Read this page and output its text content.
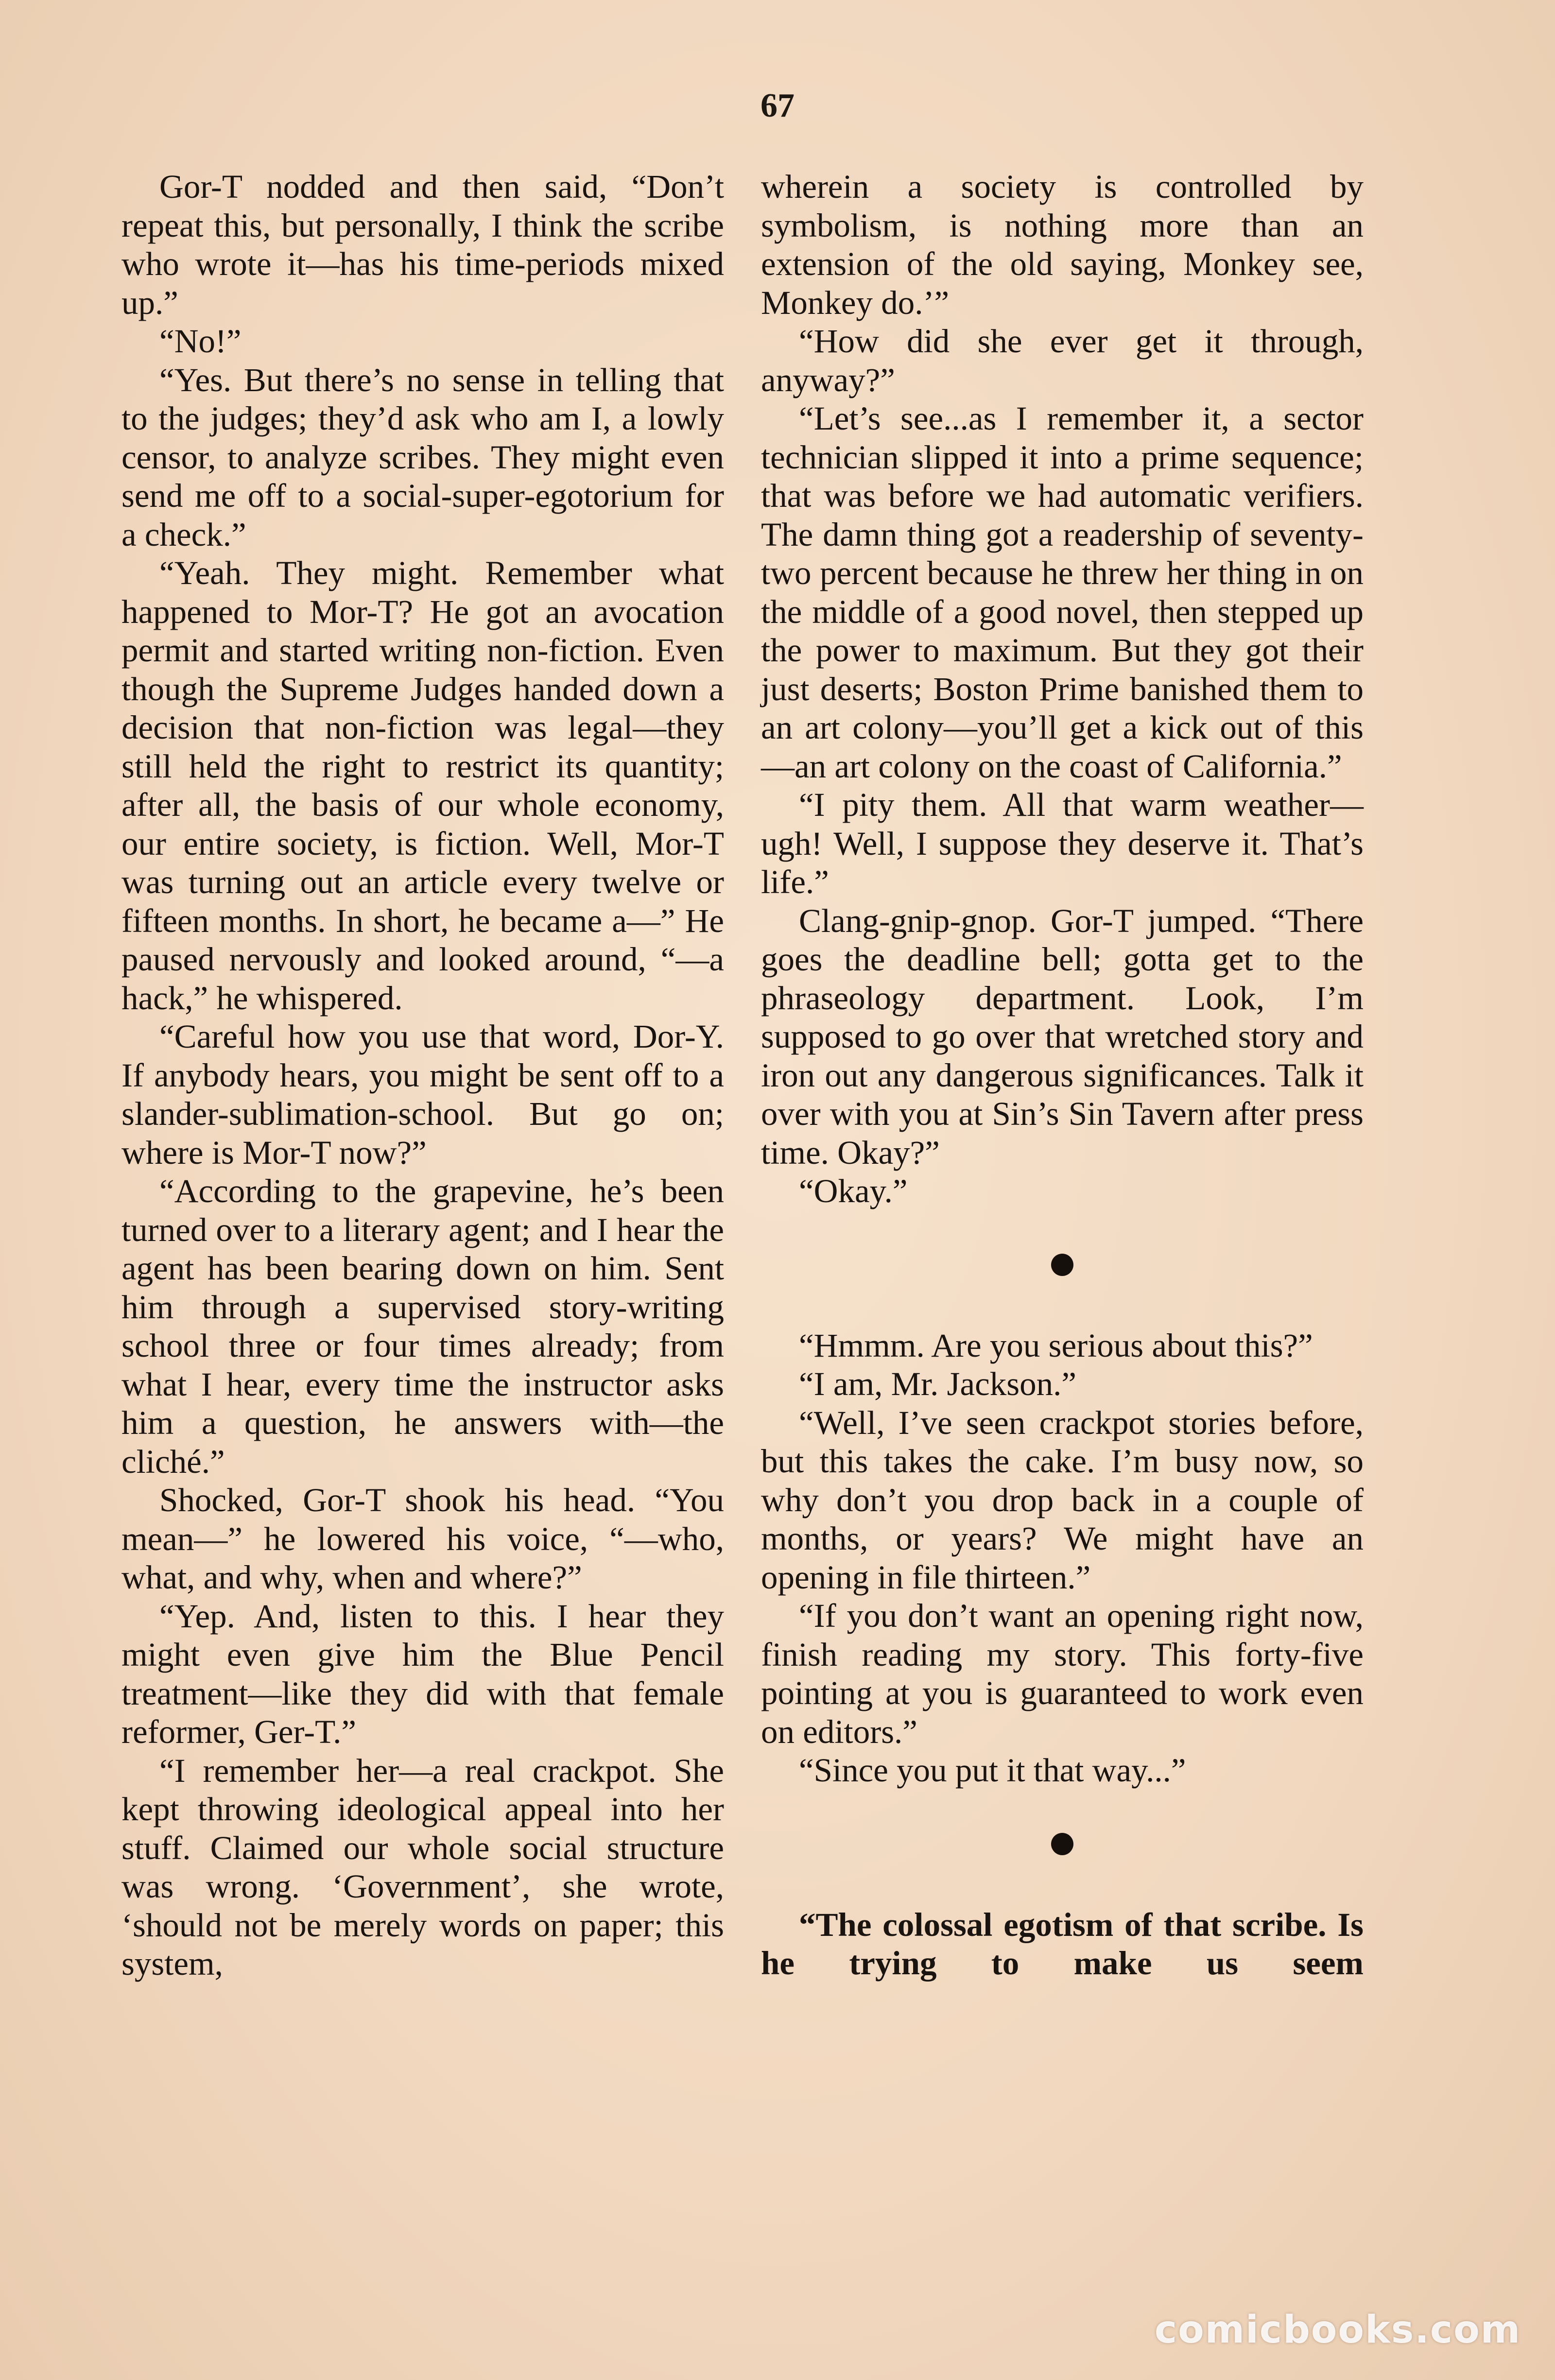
67

Gor-T nodded and then said, “Don’t repeat this, but personally, I think the scribe who wrote it—has his time-periods mixed up.”

“No!”

“Yes. But there’s no sense in telling that to the judges; they’d ask who am I, a lowly censor, to analyze scribes. They might even send me off to a social-super-egotorium for a check.”

“Yeah. They might. Remember what happened to Mor-T? He got an avocation permit and started writing non-fiction. Even though the Supreme Judges handed down a decision that non-fiction was legal—they still held the right to restrict its quantity; after all, the basis of our whole economy, our entire society, is fiction. Well, Mor-T was turning out an article every twelve or fifteen months. In short, he became a—” He paused nervously and looked around, “—a hack,” he whispered.

“Careful how you use that word, Dor-Y. If anybody hears, you might be sent off to a slander-sublimation-school. But go on; where is Mor-T now?”

“According to the grapevine, he’s been turned over to a literary agent; and I hear the agent has been bearing down on him. Sent him through a supervised story-writing school three or four times already; from what I hear, every time the instructor asks him a question, he answers with—the cliché.”

Shocked, Gor-T shook his head. “You mean—” he lowered his voice, “—who, what, and why, when and where?”

“Yep. And, listen to this. I hear they might even give him the Blue Pencil treatment—like they did with that female reformer, Ger-T.”

“I remember her—a real crackpot. She kept throwing ideological appeal into her stuff. Claimed our whole social structure was wrong. ‘Government’, she wrote, ‘should not be merely words on paper; this system,

wherein a society is controlled by symbolism, is nothing more than an extension of the old saying, Monkey see, Monkey do.’”

“How did she ever get it through, anyway?”

“Let’s see...as I remember it, a sector technician slipped it into a prime sequence; that was before we had automatic verifiers. The damn thing got a readership of seventy-two percent because he threw her thing in on the middle of a good novel, then stepped up the power to maximum. But they got their just deserts; Boston Prime banished them to an art colony—you’ll get a kick out of this —an art colony on the coast of California.”

“I pity them. All that warm weather—ugh! Well, I suppose they deserve it. That’s life.”

Clang-gnip-gnop. Gor-T jumped. “There goes the deadline bell; gotta get to the phraseology department. Look, I’m supposed to go over that wretched story and iron out any dangerous significances. Talk it over with you at Sin’s Sin Tavern after press time. Okay?”

“Okay.”

“Hmmm. Are you serious about this?”

“I am, Mr. Jackson.”

“Well, I’ve seen crackpot stories before, but this takes the cake. I’m busy now, so why don’t you drop back in a couple of months, or years? We might have an opening in file thirteen.”

“If you don’t want an opening right now, finish reading my story. This forty-five pointing at you is guaranteed to work even on editors.”

“Since you put it that way...”

“The colossal egotism of that scribe. Is he trying to make us seem

comicbooks.com
